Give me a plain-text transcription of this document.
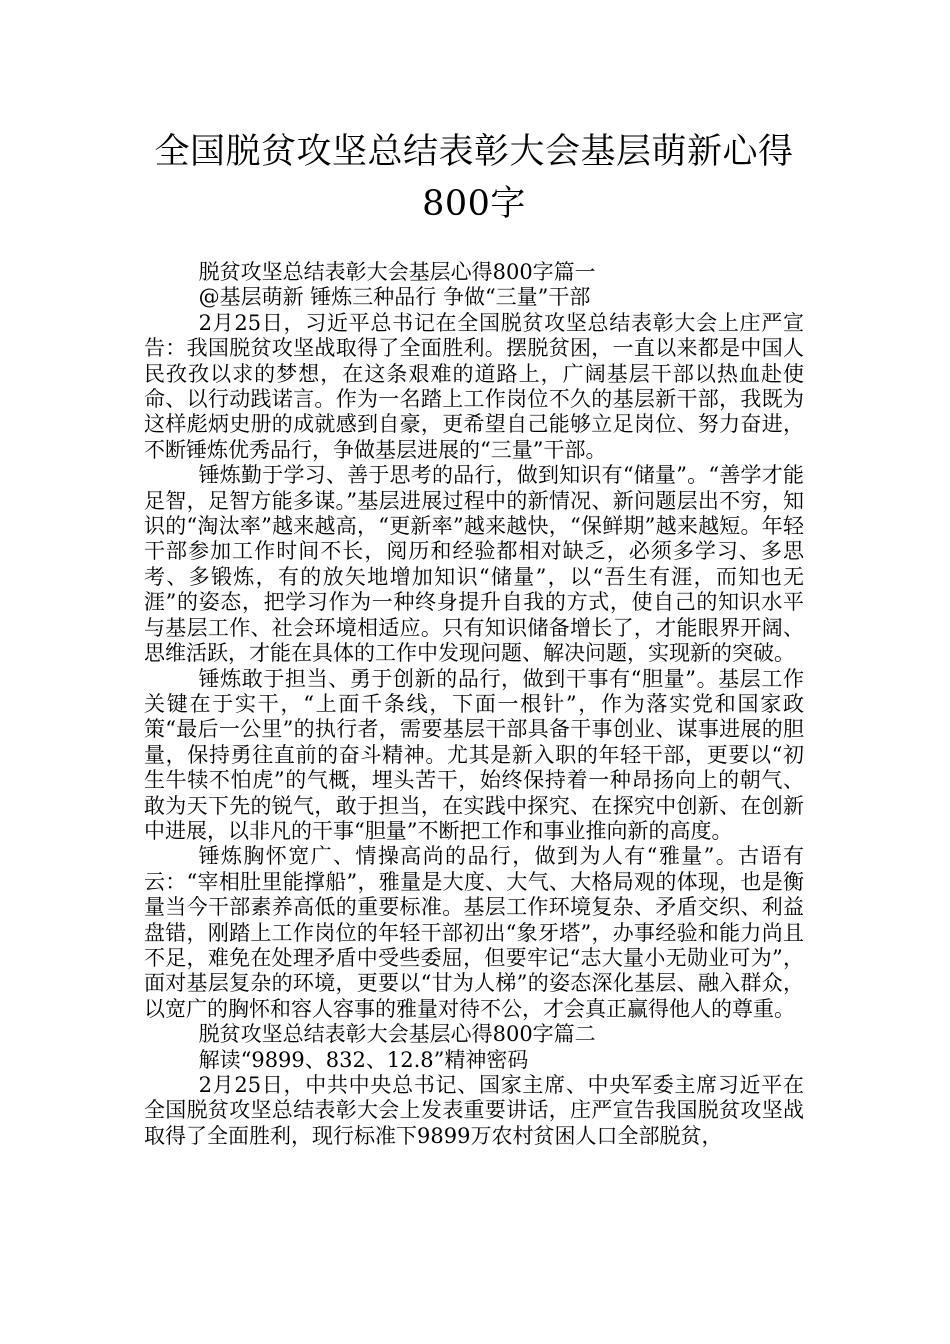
全国脱贫攻坚总结表彰大会基层萌新心得
800字

脱贫攻坚总结表彰大会基层心得800字篇一

@基层萌新 锤炼三种品行 争做“三量”干部

2月25日，习近平总书记在全国脱贫攻坚总结表彰大会上庄严宣告：我国脱贫攻坚战取得了全面胜利。摆脱贫困，一直以来都是中国人民孜孜以求的梦想，在这条艰难的道路上，广阔基层干部以热血赴使命、以行动践诺言。作为一名踏上工作岗位不久的基层新干部，我既为这样彪炳史册的成就感到自豪，更希望自己能够立足岗位、努力奋进，不断锤炼优秀品行，争做基层进展的“三量”干部。

锤炼勤于学习、善于思考的品行，做到知识有“储量”。“善学才能足智，足智方能多谋。”基层进展过程中的新情况、新问题层出不穷，知识的“淘汰率”越来越高，“更新率”越来越快，“保鲜期”越来越短。年轻干部参加工作时间不长，阅历和经验都相对缺乏，必须多学习、多思考、多锻炼，有的放矢地增加知识“储量”，以“吾生有涯，而知也无涯”的姿态，把学习作为一种终身提升自我的方式，使自己的知识水平与基层工作、社会环境相适应。只有知识储备增长了，才能眼界开阔、思维活跃，才能在具体的工作中发现问题、解决问题，实现新的突破。

锤炼敢于担当、勇于创新的品行，做到干事有“胆量”。基层工作关键在于实干，“上面千条线，下面一根针”，作为落实党和国家政策“最后一公里”的执行者，需要基层干部具备干事创业、谋事进展的胆量，保持勇往直前的奋斗精神。尤其是新入职的年轻干部，更要以“初生牛犊不怕虎”的气概，埋头苦干，始终保持着一种昂扬向上的朝气、敢为天下先的锐气，敢于担当，在实践中探究、在探究中创新、在创新中进展，以非凡的干事“胆量”不断把工作和事业推向新的高度。

锤炼胸怀宽广、情操高尚的品行，做到为人有“雅量”。古语有云：“宰相肚里能撑船”，雅量是大度、大气、大格局观的体现，也是衡量当今干部素养高低的重要标准。基层工作环境复杂、矛盾交织、利益盘错，刚踏上工作岗位的年轻干部初出“象牙塔”，办事经验和能力尚且不足，难免在处理矛盾中受些委屈，但要牢记“志大量小无勋业可为”，面对基层复杂的环境，更要以“甘为人梯”的姿态深化基层、融入群众，以宽广的胸怀和容人容事的雅量对待不公，才会真正赢得他人的尊重。

脱贫攻坚总结表彰大会基层心得800字篇二

解读“9899、832、12.8”精神密码

2月25日，中共中央总书记、国家主席、中央军委主席习近平在全国脱贫攻坚总结表彰大会上发表重要讲话，庄严宣告我国脱贫攻坚战取得了全面胜利，现行标准下9899万农村贫困人口全部脱贫，
